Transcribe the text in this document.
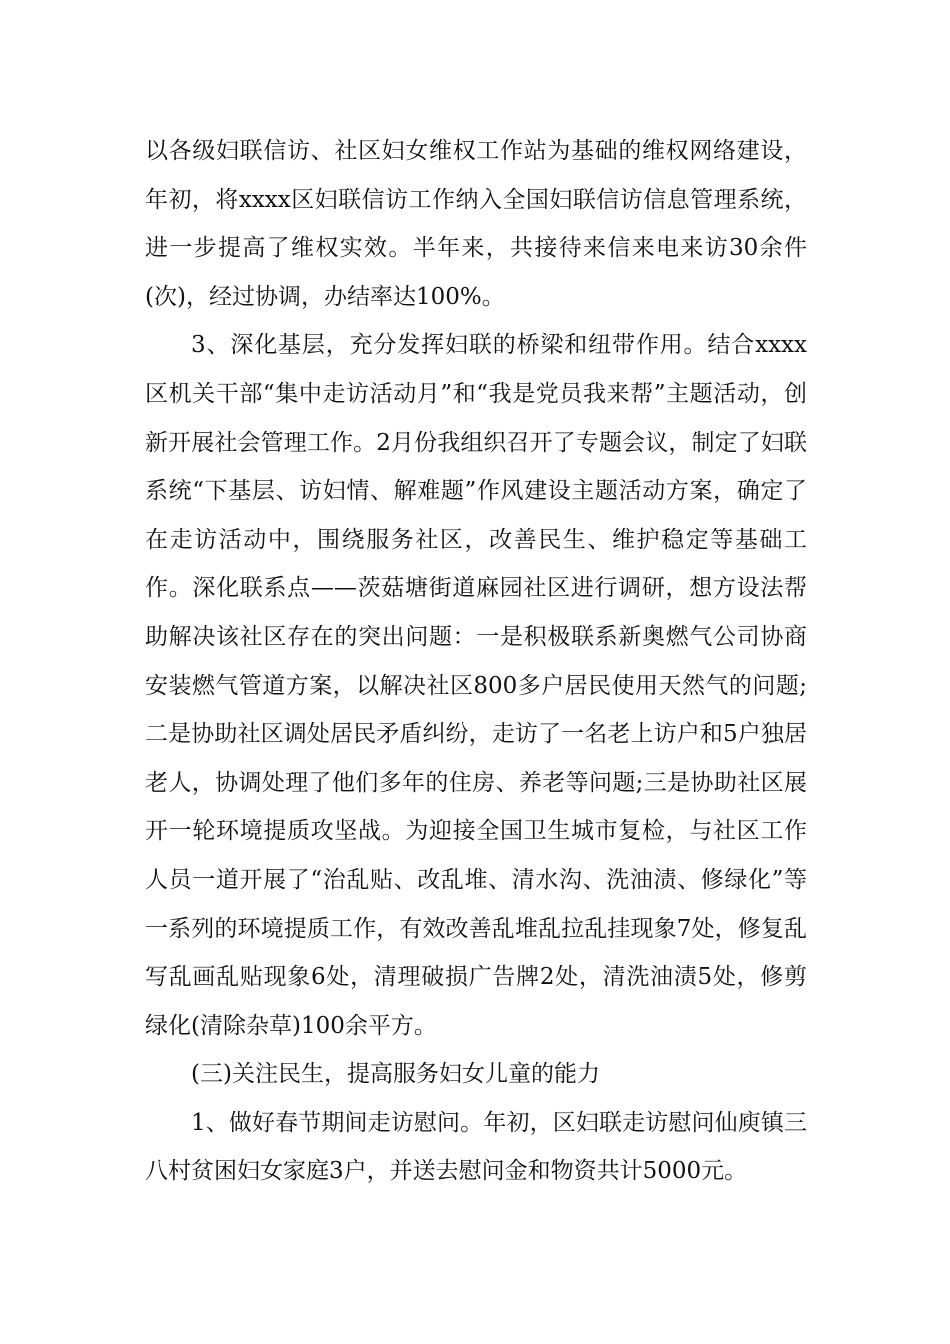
以各级妇联信访、社区妇女维权工作站为基础的维权网络建设，年初，将xxxx区妇联信访工作纳入全国妇联信访信息管理系统，进一步提高了维权实效。半年来，共接待来信来电来访30余件(次)，经过协调，办结率达100%。

3、深化基层，充分发挥妇联的桥梁和纽带作用。结合xxxx区机关干部“集中走访活动月”和“我是党员我来帮”主题活动，创新开展社会管理工作。2月份我组织召开了专题会议，制定了妇联系统“下基层、访妇情、解难题”作风建设主题活动方案，确定了在走访活动中，围绕服务社区，改善民生、维护稳定等基础工作。深化联系点——茨菇塘街道麻园社区进行调研，想方设法帮助解决该社区存在的突出问题：一是积极联系新奥燃气公司协商安装燃气管道方案，以解决社区800多户居民使用天然气的问题;二是协助社区调处居民矛盾纠纷，走访了一名老上访户和5户独居老人，协调处理了他们多年的住房、养老等问题;三是协助社区展开一轮环境提质攻坚战。为迎接全国卫生城市复检，与社区工作人员一道开展了“治乱贴、改乱堆、清水沟、洗油渍、修绿化”等一系列的环境提质工作，有效改善乱堆乱拉乱挂现象7处，修复乱写乱画乱贴现象6处，清理破损广告牌2处，清洗油渍5处，修剪绿化(清除杂草)100余平方。

(三)关注民生，提高服务妇女儿童的能力

1、做好春节期间走访慰问。年初，区妇联走访慰问仙庾镇三八村贫困妇女家庭3户，并送去慰问金和物资共计5000元。
